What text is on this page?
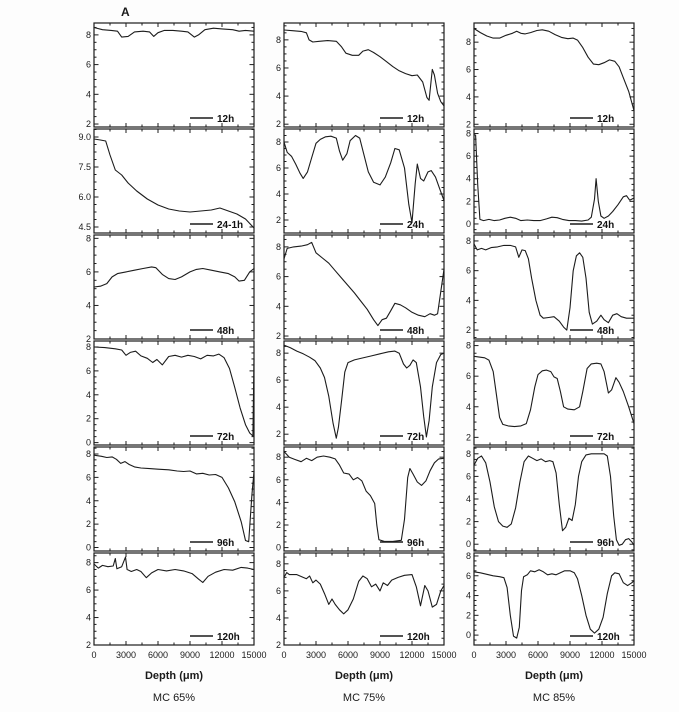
A
2
4
6
8
12h
4.5
6.0
7.5
9.0
24-1h
2
4
6
8
48h
0
2
4
6
8
72h
0
2
4
6
8
96h
2
4
6
8
120h
0 3000 6000 9000 12000 15000
Depth (μm)
MC 65%
2
4
6
8
12h
2
4
6
8
24h
2
4
6
8
48h
2
4
6
8
72h
0
2
4
6
8
96h
2
4
6
8
120h
0 3000 6000 9000 12000 15000
Depth (μm)
MC 75%
2
4
6
8
12h
0
2
4
6
8
24h
2
4
6
8
48h
2
4
6
8
72h
0
2
4
6
8
96h
0
2
4
6
8
120h
0 3000 6000 9000 12000 15000
Depth (μm)
MC 85%
